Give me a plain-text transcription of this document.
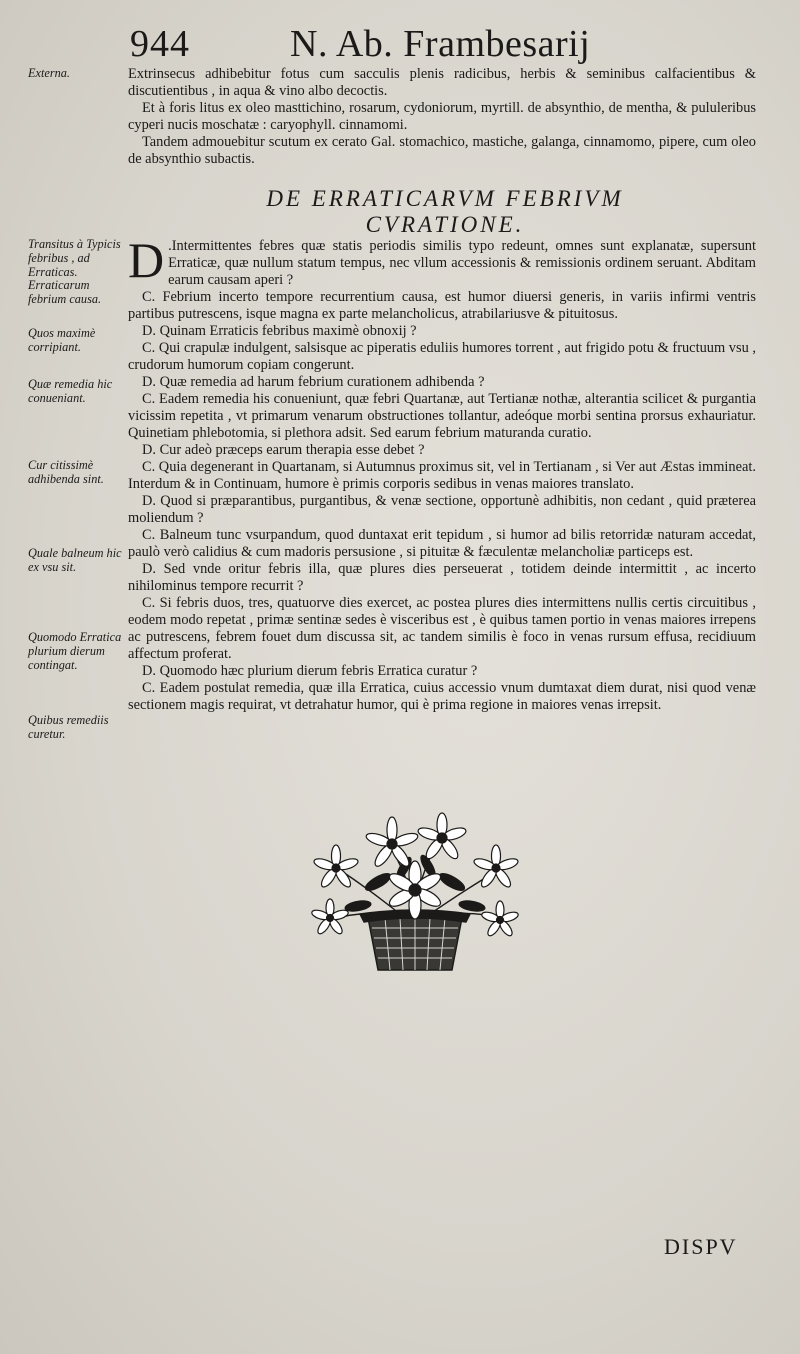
944	N. Ab. Frambesarij
Externa.
Transitus à Typicis febribus , ad Erraticas.
Erraticarum febrium causa.
Quos maximè corripiant.
Quæ remedia hic conueniant.
Cur citissimè adhibenda sint.
Quale balneum hic ex vsu sit.
Quomodo Erratica plurium dierum contingat.
Quibus remediis curetur.

Extrinsecus adhibebitur fotus cum sacculis plenis radicibus, herbis & seminibus calfacientibus & discutientibus , in aqua & vino albo decoctis.

Et à foris litus ex oleo masttichino, rosarum, cydoniorum, myrtill. de absynthio, de mentha, & pululeribus cyperi nucis moschatæ : caryophyll. cinnamomi.

Tandem admouebitur scutum ex cerato Gal. stomachico, mastiche, galanga, cinnamomo, pipere, cum oleo de absynthio subactis.

DE ERRATICARVM FEBRIVM
CVRATIONE.
D .Intermittentes febres quæ statis periodis similis typo redeunt, omnes sunt explanatæ, supersunt Erraticæ, quæ nullum statum tempus, nec vllum accessionis & remissionis ordinem seruant. Abditam earum causam aperi ?

C. Febrium incerto tempore recurrentium causa, est humor diuersi generis, in variis infirmi ventris partibus putrescens, isque magna ex parte melancholicus, atrabilariusve & pituitosus.

D. Quinam Erraticis febribus maximè obnoxij ?

C. Qui crapulæ indulgent, salsisque ac piperatis eduliis humores torrent , aut frigido potu & fructuum vsu , crudorum humorum copiam congerunt.

D. Quæ remedia ad harum febrium curationem adhibenda ?

C. Eadem remedia his conueniunt, quæ febri Quartanæ, aut Tertianæ nothæ, alterantia scilicet & purgantia vicissim repetita , vt primarum venarum obstructiones tollantur, adeóque morbi sentina prorsus exhauriatur. Quinetiam phlebotomia, si plethora adsit. Sed earum febrium maturanda curatio.

D. Cur adeò præceps earum therapia esse debet ?

C. Quia degenerant in Quartanam, si Autumnus proximus sit, vel in Tertianam , si Ver aut Æstas immineat. Interdum & in Continuam, humore è primis corporis sedibus in venas maiores translato.

D. Quod si præparantibus, purgantibus, & venæ sectione, opportunè adhibitis, non cedant , quid præterea moliendum ?

C. Balneum tunc vsurpandum, quod duntaxat erit tepidum , si humor ad bilis retorridæ naturam accedat, paulò verò calidius & cum madoris persusione , si pituitæ & fæculentæ melancholiæ particeps est.

D. Sed vnde oritur febris illa, quæ plures dies perseuerat , totidem deinde intermittit , ac incerto nihilominus tempore recurrit ?

C. Si febris duos, tres, quatuorve dies exercet, ac postea plures dies intermittens nullis certis circuitibus , eodem modo repetat , primæ sentinæ sedes è visceribus est , è quibus tamen portio in venas maiores irrepens ac putrescens, febrem fouet dum discussa sit, ac tandem similis è foco in venas rursum effusa, recidiuum affectum proferat.

D. Quomodo hæc plurium dierum febris Erratica curatur ?

C. Eadem postulat remedia, quæ illa Erratica, cuius accessio vnum dumtaxat diem durat, nisi quod venæ sectionem magis requirat, vt detrahatur humor, qui è prima regione in maiores venas irrepsit.

DISPV
